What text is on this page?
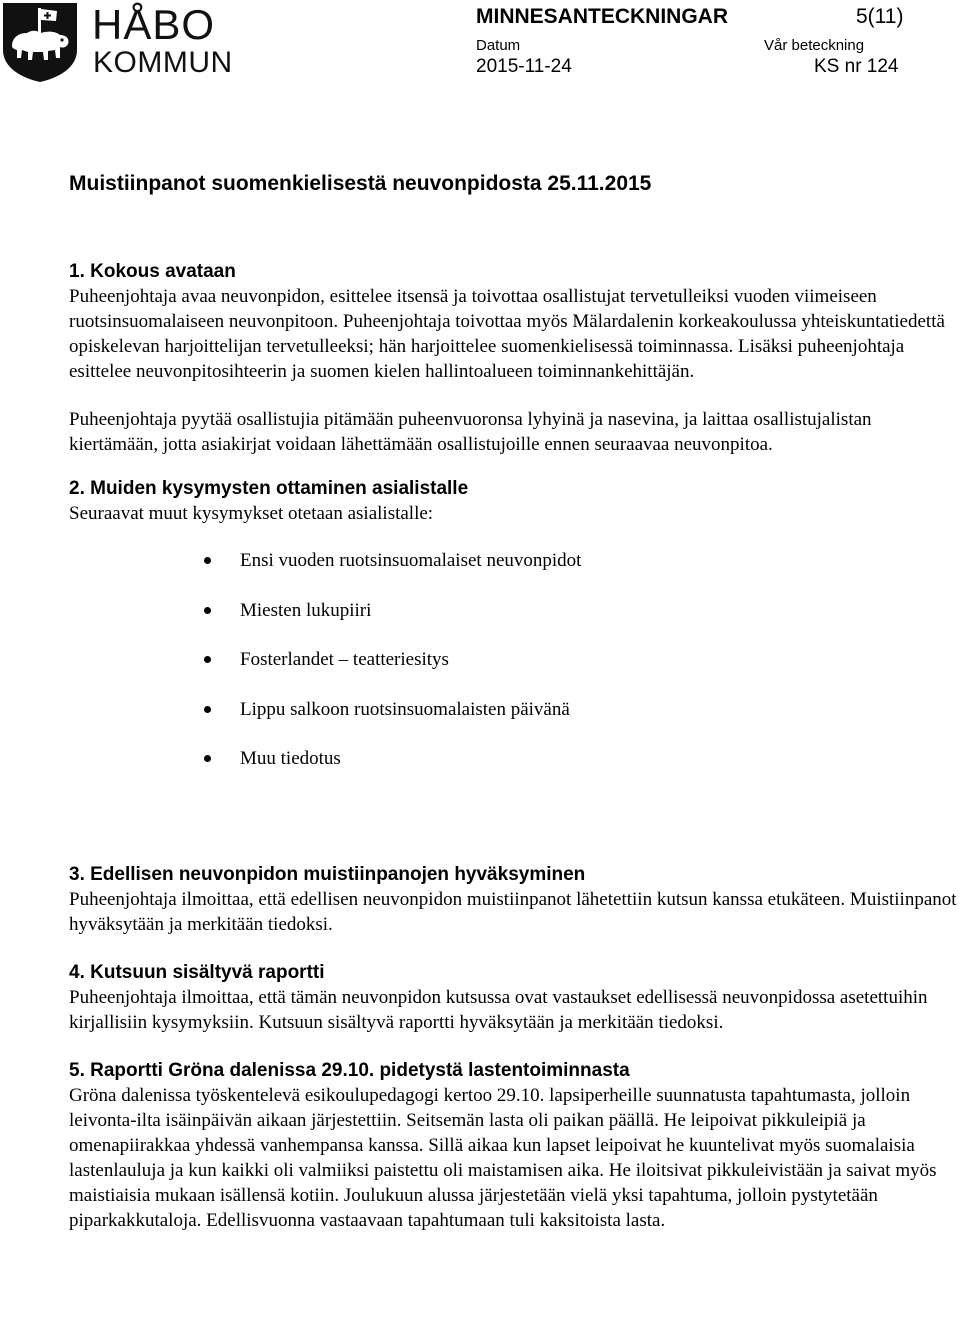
HÅBO
KOMMUN
MINNESANTECKNINGAR	5(11)
Datum
2015-11-24
Vår beteckning
KS nr 124
Muistiinpanot suomenkielisestä neuvonpidosta 25.11.2015
1. Kokous avataan

Puheenjohtaja avaa neuvonpidon, esittelee itsensä ja toivottaa osallistujat tervetulleiksi vuoden viimeiseen ruotsinsuomalaiseen neuvonpitoon. Puheenjohtaja toivottaa myös Mälardalenin korkeakoulussa yhteiskuntatiedettä opiskelevan harjoittelijan tervetulleeksi; hän harjoittelee suomenkielisessä toiminnassa. Lisäksi puheenjohtaja esittelee neuvonpitosihteerin ja suomen kielen hallintoalueen toiminnankehittäjän.

Puheenjohtaja pyytää osallistujia pitämään puheenvuoronsa lyhyinä ja nasevina, ja laittaa osallistujalistan kiertämään, jotta asiakirjat voidaan lähettämään osallistujoille ennen seuraavaa neuvonpitoa.

2. Muiden kysymysten ottaminen asialistalle

Seuraavat muut kysymykset otetaan asialistalle:

Ensi vuoden ruotsinsuomalaiset neuvonpidot
Miesten lukupiiri
Fosterlandet – teatteriesitys
Lippu salkoon ruotsinsuomalaisten päivänä
Muu tiedotus
3. Edellisen neuvonpidon muistiinpanojen hyväksyminen

Puheenjohtaja ilmoittaa, että edellisen neuvonpidon muistiinpanot lähetettiin kutsun kanssa etukäteen. Muistiinpanot hyväksytään ja merkitään tiedoksi.

4. Kutsuun sisältyvä raportti

Puheenjohtaja ilmoittaa, että tämän neuvonpidon kutsussa ovat vastaukset edellisessä neuvonpidossa asetettuihin kirjallisiin kysymyksiin. Kutsuun sisältyvä raportti hyväksytään ja merkitään tiedoksi.

5. Raportti Gröna dalenissa 29.10. pidetystä lastentoiminnasta

Gröna dalenissa työskentelevä esikoulupedagogi kertoo 29.10. lapsiperheille suunnatusta tapahtumasta, jolloin leivonta-ilta isäinpäivän aikaan järjestettiin. Seitsemän lasta oli paikan päällä. He leipoivat pikkuleipiä ja omenapiirakkaa yhdessä vanhempansa kanssa. Sillä aikaa kun lapset leipoivat he kuuntelivat myös suomalaisia lastenlauluja ja kun kaikki oli valmiiksi paistettu oli maistamisen aika. He iloitsivat pikkuleivistään ja saivat myös maistiaisia mukaan isällensä kotiin. Joulukuun alussa järjestetään vielä yksi tapahtuma, jolloin pystytetään piparkakkutaloja. Edellisvuonna vastaavaan tapahtumaan tuli kaksitoista lasta.
